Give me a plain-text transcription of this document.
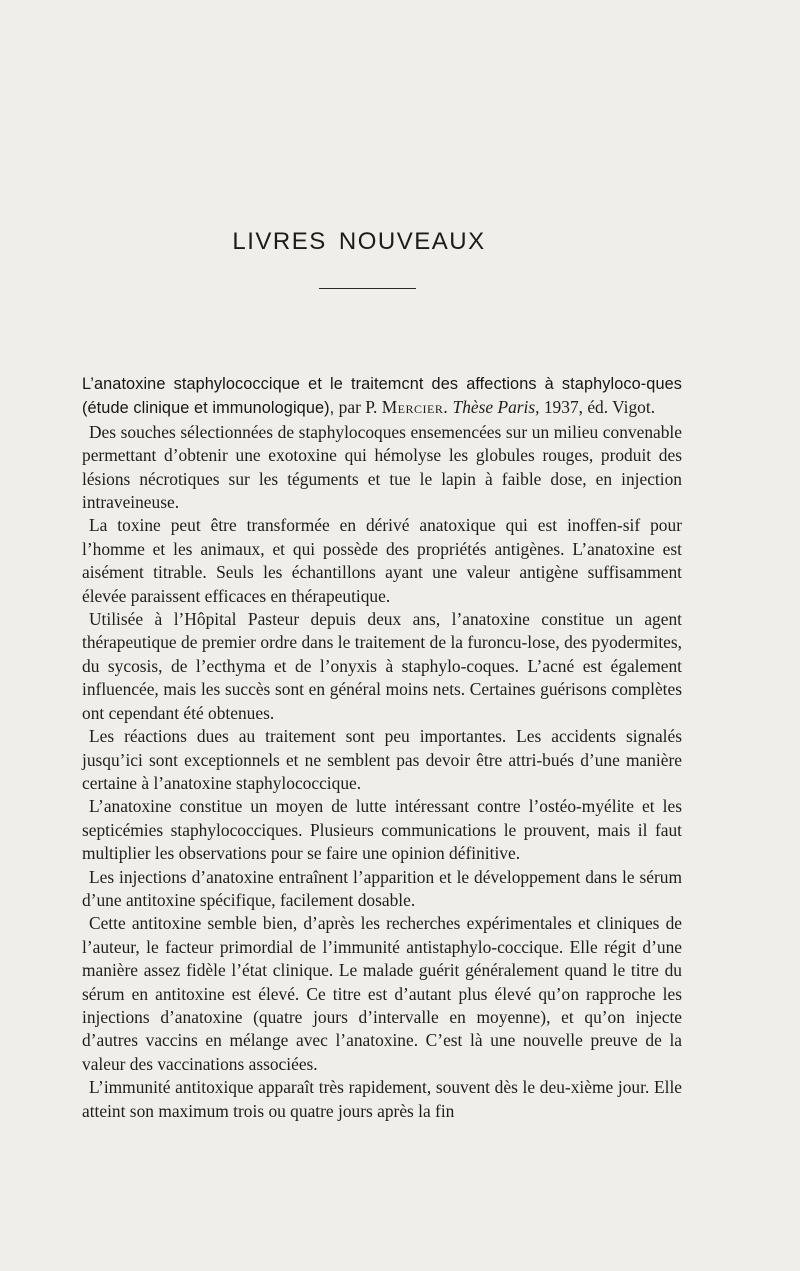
LIVRES NOUVEAUX

L’anatoxine staphylococcique et le traitemcnt des affections à staphyloco-ques (étude clinique et immunologique), par P. Mercier. Thèse Paris, 1937, éd. Vigot.

Des souches sélectionnées de staphylocoques ensemencées sur un milieu convenable permettant d’obtenir une exotoxine qui hémolyse les globules rouges, produit des lésions nécrotiques sur les téguments et tue le lapin à faible dose, en injection intraveineuse.

La toxine peut être transformée en dérivé anatoxique qui est inoffen-sif pour l’homme et les animaux, et qui possède des propriétés antigènes. L’anatoxine est aisément titrable. Seuls les échantillons ayant une valeur antigène suffisamment élevée paraissent efficaces en thérapeutique.

Utilisée à l’Hôpital Pasteur depuis deux ans, l’anatoxine constitue un agent thérapeutique de premier ordre dans le traitement de la furoncu-lose, des pyodermites, du sycosis, de l’ecthyma et de l’onyxis à staphylo-coques. L’acné est également influencée, mais les succès sont en général moins nets. Certaines guérisons complètes ont cependant été obtenues.

Les réactions dues au traitement sont peu importantes. Les accidents signalés jusqu’ici sont exceptionnels et ne semblent pas devoir être attri-bués d’une manière certaine à l’anatoxine staphylococcique.

L’anatoxine constitue un moyen de lutte intéressant contre l’ostéo-myélite et les septicémies staphylococciques. Plusieurs communications le prouvent, mais il faut multiplier les observations pour se faire une opinion définitive.

Les injections d’anatoxine entraînent l’apparition et le développement dans le sérum d’une antitoxine spécifique, facilement dosable.

Cette antitoxine semble bien, d’après les recherches expérimentales et cliniques de l’auteur, le facteur primordial de l’immunité antistaphylo-coccique. Elle régit d’une manière assez fidèle l’état clinique. Le malade guérit généralement quand le titre du sérum en antitoxine est élevé. Ce titre est d’autant plus élevé qu’on rapproche les injections d’anatoxine (quatre jours d’intervalle en moyenne), et qu’on injecte d’autres vaccins en mélange avec l’anatoxine. C’est là une nouvelle preuve de la valeur des vaccinations associées.

L’immunité antitoxique apparaît très rapidement, souvent dès le deu-xième jour. Elle atteint son maximum trois ou quatre jours après la fin
